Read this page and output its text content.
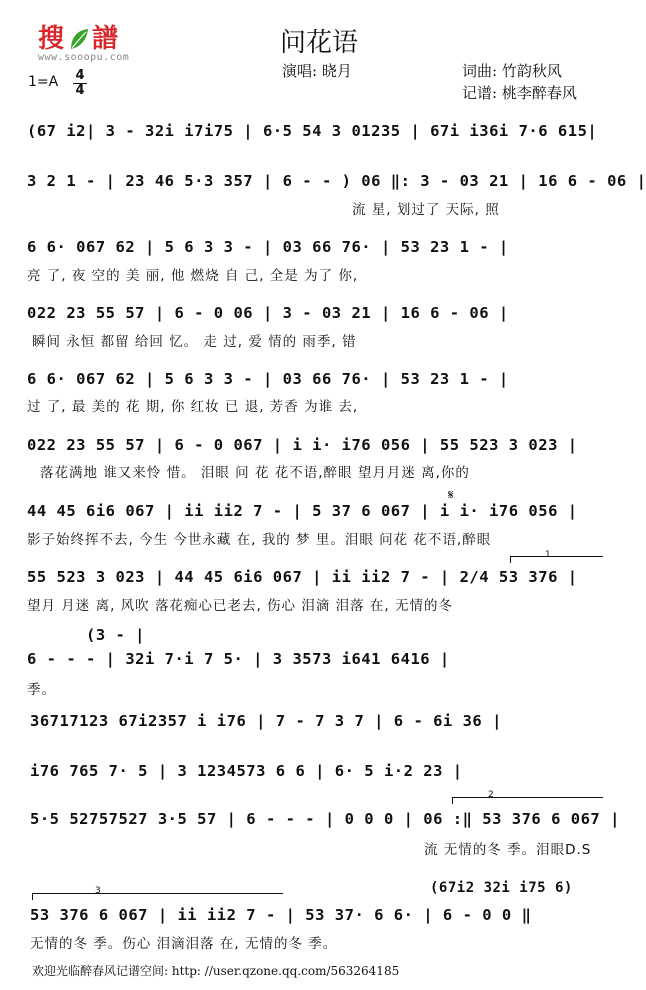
搜 譜
www.sooopu.com	问花语
演唱: 晓月	词曲: 竹韵秋风
记谱: 桃李醉春风
1=A 4
4
(67 i2| 3 - 32i i7i75 | 6·5 54 3 01235 | 67i i36i 7·6 615|
3 2 1 - | 23 46 5·3 357 | 6 - - ) 06 ‖: 3 - 03 21 | 16 6 - 06 |
流 星, 划过了 天际, 照
6 6· 067 62 | 5 6 3 3 - | 03 66 76· | 53 23 1 - |
亮 了, 夜 空的 美 丽, 他 燃烧 自 己, 全是 为了 你,
022 23 55 57 | 6 - 0 06 | 3 - 03 21 | 16 6 - 06 |
瞬间 永恒 都留 给回 忆。 走 过, 爱 情的 雨季, 错
6 6· 067 62 | 5 6 3 3 - | 03 66 76· | 53 23 1 - |
过 了, 最 美的 花 期, 你 红妆 已 退, 芳香 为谁 去,
022 23 55 57 | 6 - 0 067 | i i· i76 056 | 55 523 3 023 |
落花满地 谁又来怜 惜。 泪眼 问 花 花不语,醉眼 望月月迷 离,你的
𝄋
44 45 6i6 067 | ii ii2 7 - | 5 37 6 067 | i i· i76 056 |
影子始终挥不去, 今生 今世永藏 在, 我的 梦 里。泪眼 问花 花不语,醉眼
1
55 523 3 023 | 44 45 6i6 067 | ii ii2 7 - | 2/4 53 376 |
望月 月迷 离, 风吹 落花痴心已老去, 伤心 泪滴 泪落 在, 无情的冬
(3 - |
6 - - - | 32i 7·i 7 5· | 3 3573 i641 6416 |
季。
36717123 67i2357 i i76 | 7 - 7 3 7 | 6 - 6i 36 |
i76 765 7· 5 | 3 1234573 6 6 | 6· 5 i·2 23 |
2
5·5 52757527 3·5 57 | 6 - - - | 0 0 0 | 06 :‖ 53 376 6 067 |
流 无情的冬 季。泪眼D.S
(67i2 32i i75 6)
3
53 376 6 067 | ii ii2 7 - | 53 37· 6 6· | 6 - 0 0 ‖
无情的冬 季。伤心 泪滴泪落 在, 无情的冬 季。
欢迎光临醉春风记谱空间: http: //user.qzone.qq.com/563264185
